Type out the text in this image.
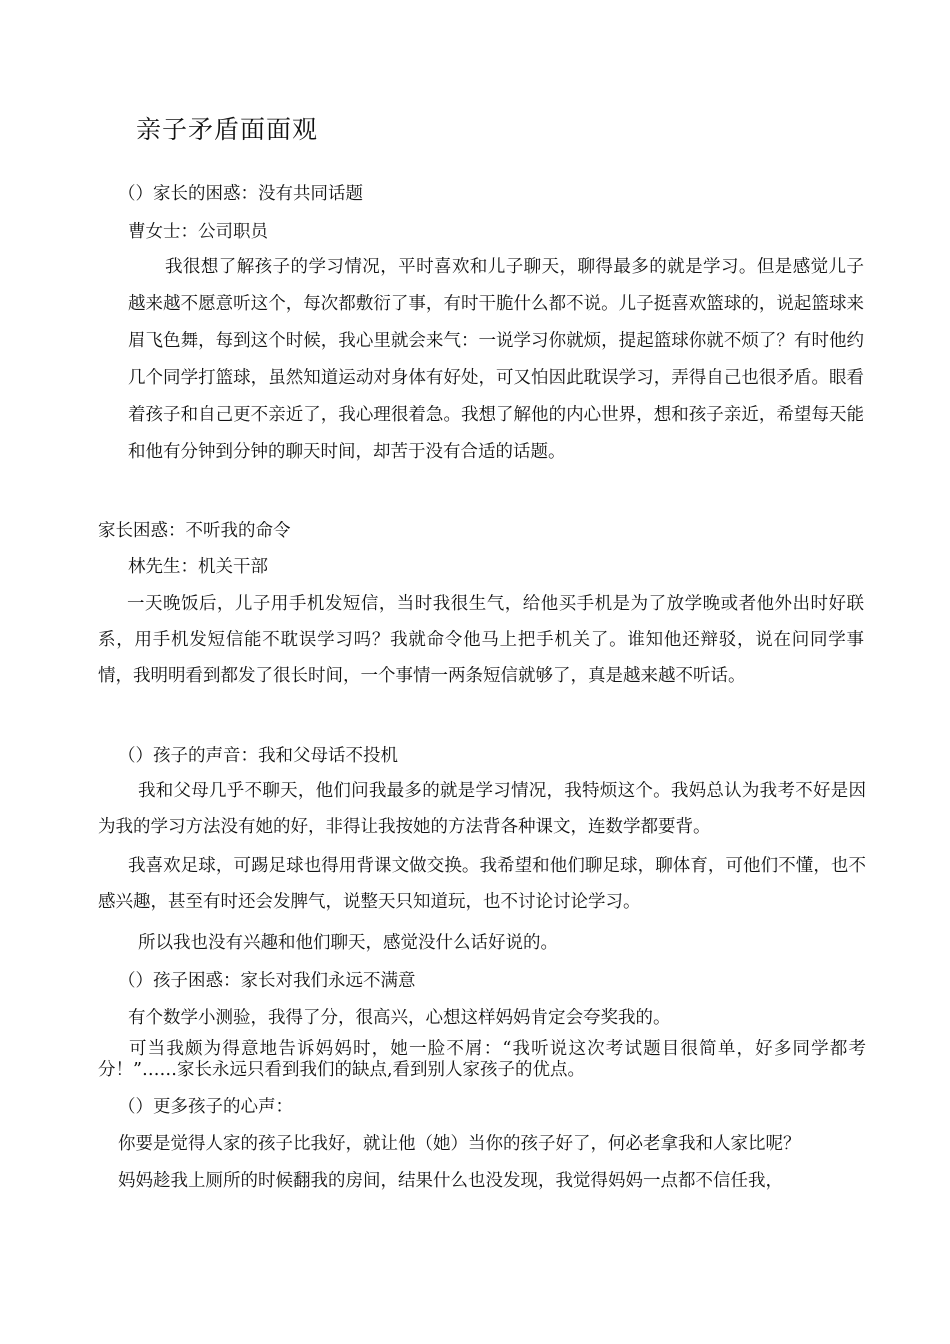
亲子矛盾面面观

（）家长的困惑：没有共同话题

曹女士：公司职员

我很想了解孩子的学习情况，平时喜欢和儿子聊天，聊得最多的就是学习。但是感觉儿子越来越不愿意听这个，每次都敷衍了事，有时干脆什么都不说。儿子挺喜欢篮球的，说起篮球来眉飞色舞，每到这个时候，我心里就会来气：一说学习你就烦，提起篮球你就不烦了？有时他约几个同学打篮球，虽然知道运动对身体有好处，可又怕因此耽误学习，弄得自己也很矛盾。眼看着孩子和自己更不亲近了，我心理很着急。我想了解他的内心世界，想和孩子亲近，希望每天能和他有分钟到分钟的聊天时间，却苦于没有合适的话题。

家长困惑：不听我的命令

林先生：机关干部

一天晚饭后，儿子用手机发短信，当时我很生气，给他买手机是为了放学晚或者他外出时好联系，用手机发短信能不耽误学习吗？我就命令他马上把手机关了。谁知他还辩驳，说在问同学事情，我明明看到都发了很长时间，一个事情一两条短信就够了，真是越来越不听话。

（）孩子的声音：我和父母话不投机

我和父母几乎不聊天，他们问我最多的就是学习情况，我特烦这个。我妈总认为我考不好是因为我的学习方法没有她的好，非得让我按她的方法背各种课文，连数学都要背。

我喜欢足球，可踢足球也得用背课文做交换。我希望和他们聊足球，聊体育，可他们不懂，也不感兴趣，甚至有时还会发脾气，说整天只知道玩，也不讨论讨论学习。

所以我也没有兴趣和他们聊天，感觉没什么话好说的。

（）孩子困惑：家长对我们永远不满意

有个数学小测验，我得了分，很高兴，心想这样妈妈肯定会夸奖我的。

可当我颇为得意地告诉妈妈时，她一脸不屑：“我听说这次考试题目很简单，好多同学都考分！”……家长永远只看到我们的缺点,看到别人家孩子的优点。

（）更多孩子的心声：

你要是觉得人家的孩子比我好，就让他（她）当你的孩子好了，何必老拿我和人家比呢？

妈妈趁我上厕所的时候翻我的房间，结果什么也没发现，我觉得妈妈一点都不信任我，
